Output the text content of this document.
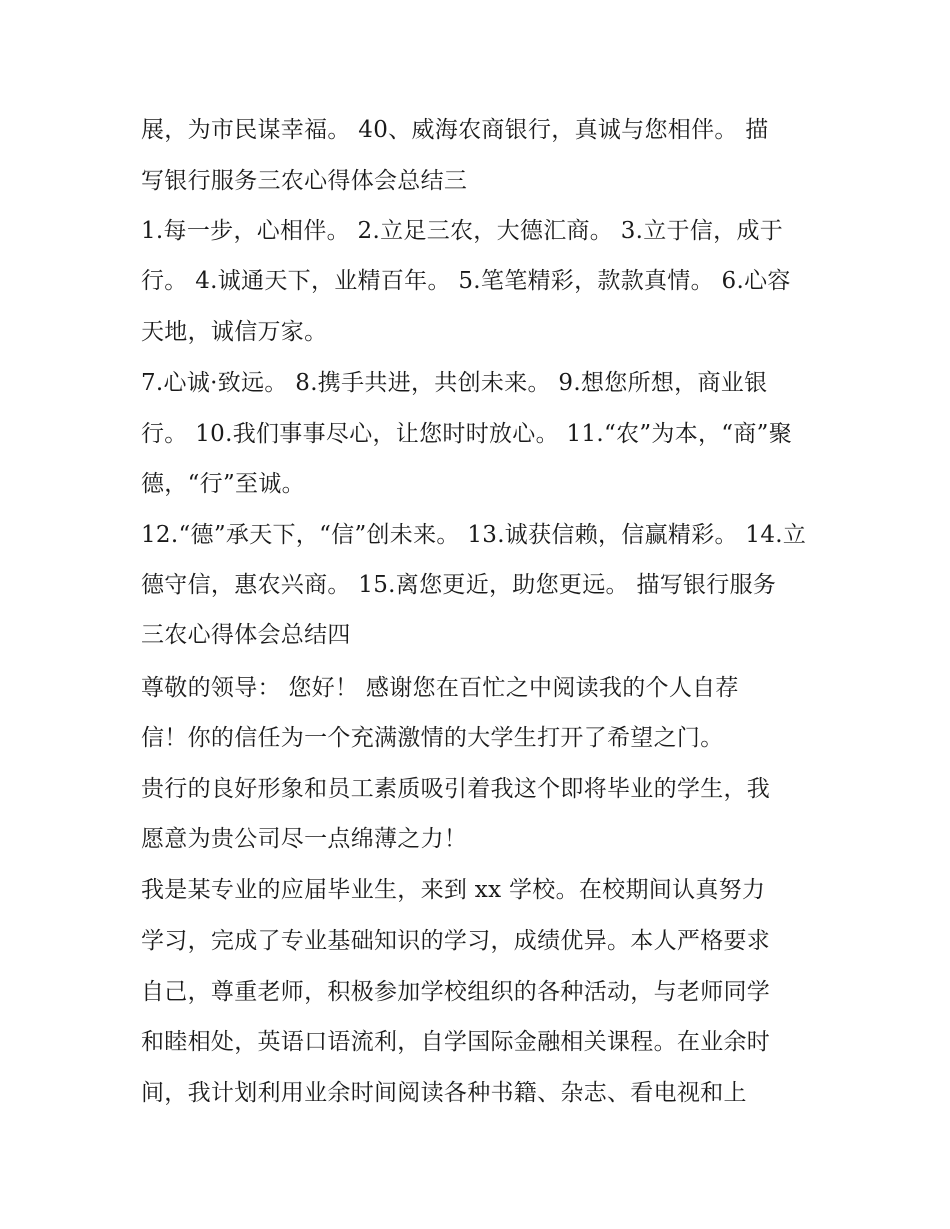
展，为市民谋幸福。 40、威海农商银行，真诚与您相伴。 描
写银行服务三农心得体会总结三
1.每一步，心相伴。 2.立足三农，大德汇商。 3.立于信，成于
行。 4.诚通天下，业精百年。 5.笔笔精彩，款款真情。 6.心容
天地，诚信万家。
7.心诚·致远。 8.携手共进，共创未来。 9.想您所想，商业银
行。 10.我们事事尽心，让您时时放心。 11.“农”为本，“商”聚
德，“行”至诚。
12.“德”承天下，“信”创未来。 13.诚获信赖，信赢精彩。 14.立
德守信，惠农兴商。 15.离您更近，助您更远。 描写银行服务
三农心得体会总结四
尊敬的领导： 您好！ 感谢您在百忙之中阅读我的个人自荐
信！你的信任为一个充满激情的大学生打开了希望之门。
贵行的良好形象和员工素质吸引着我这个即将毕业的学生，我
愿意为贵公司尽一点绵薄之力！
我是某专业的应届毕业生，来到 xx 学校。在校期间认真努力
学习，完成了专业基础知识的学习，成绩优异。本人严格要求
自己，尊重老师，积极参加学校组织的各种活动，与老师同学
和睦相处，英语口语流利，自学国际金融相关课程。在业余时
间，我计划利用业余时间阅读各种书籍、杂志、看电视和上
